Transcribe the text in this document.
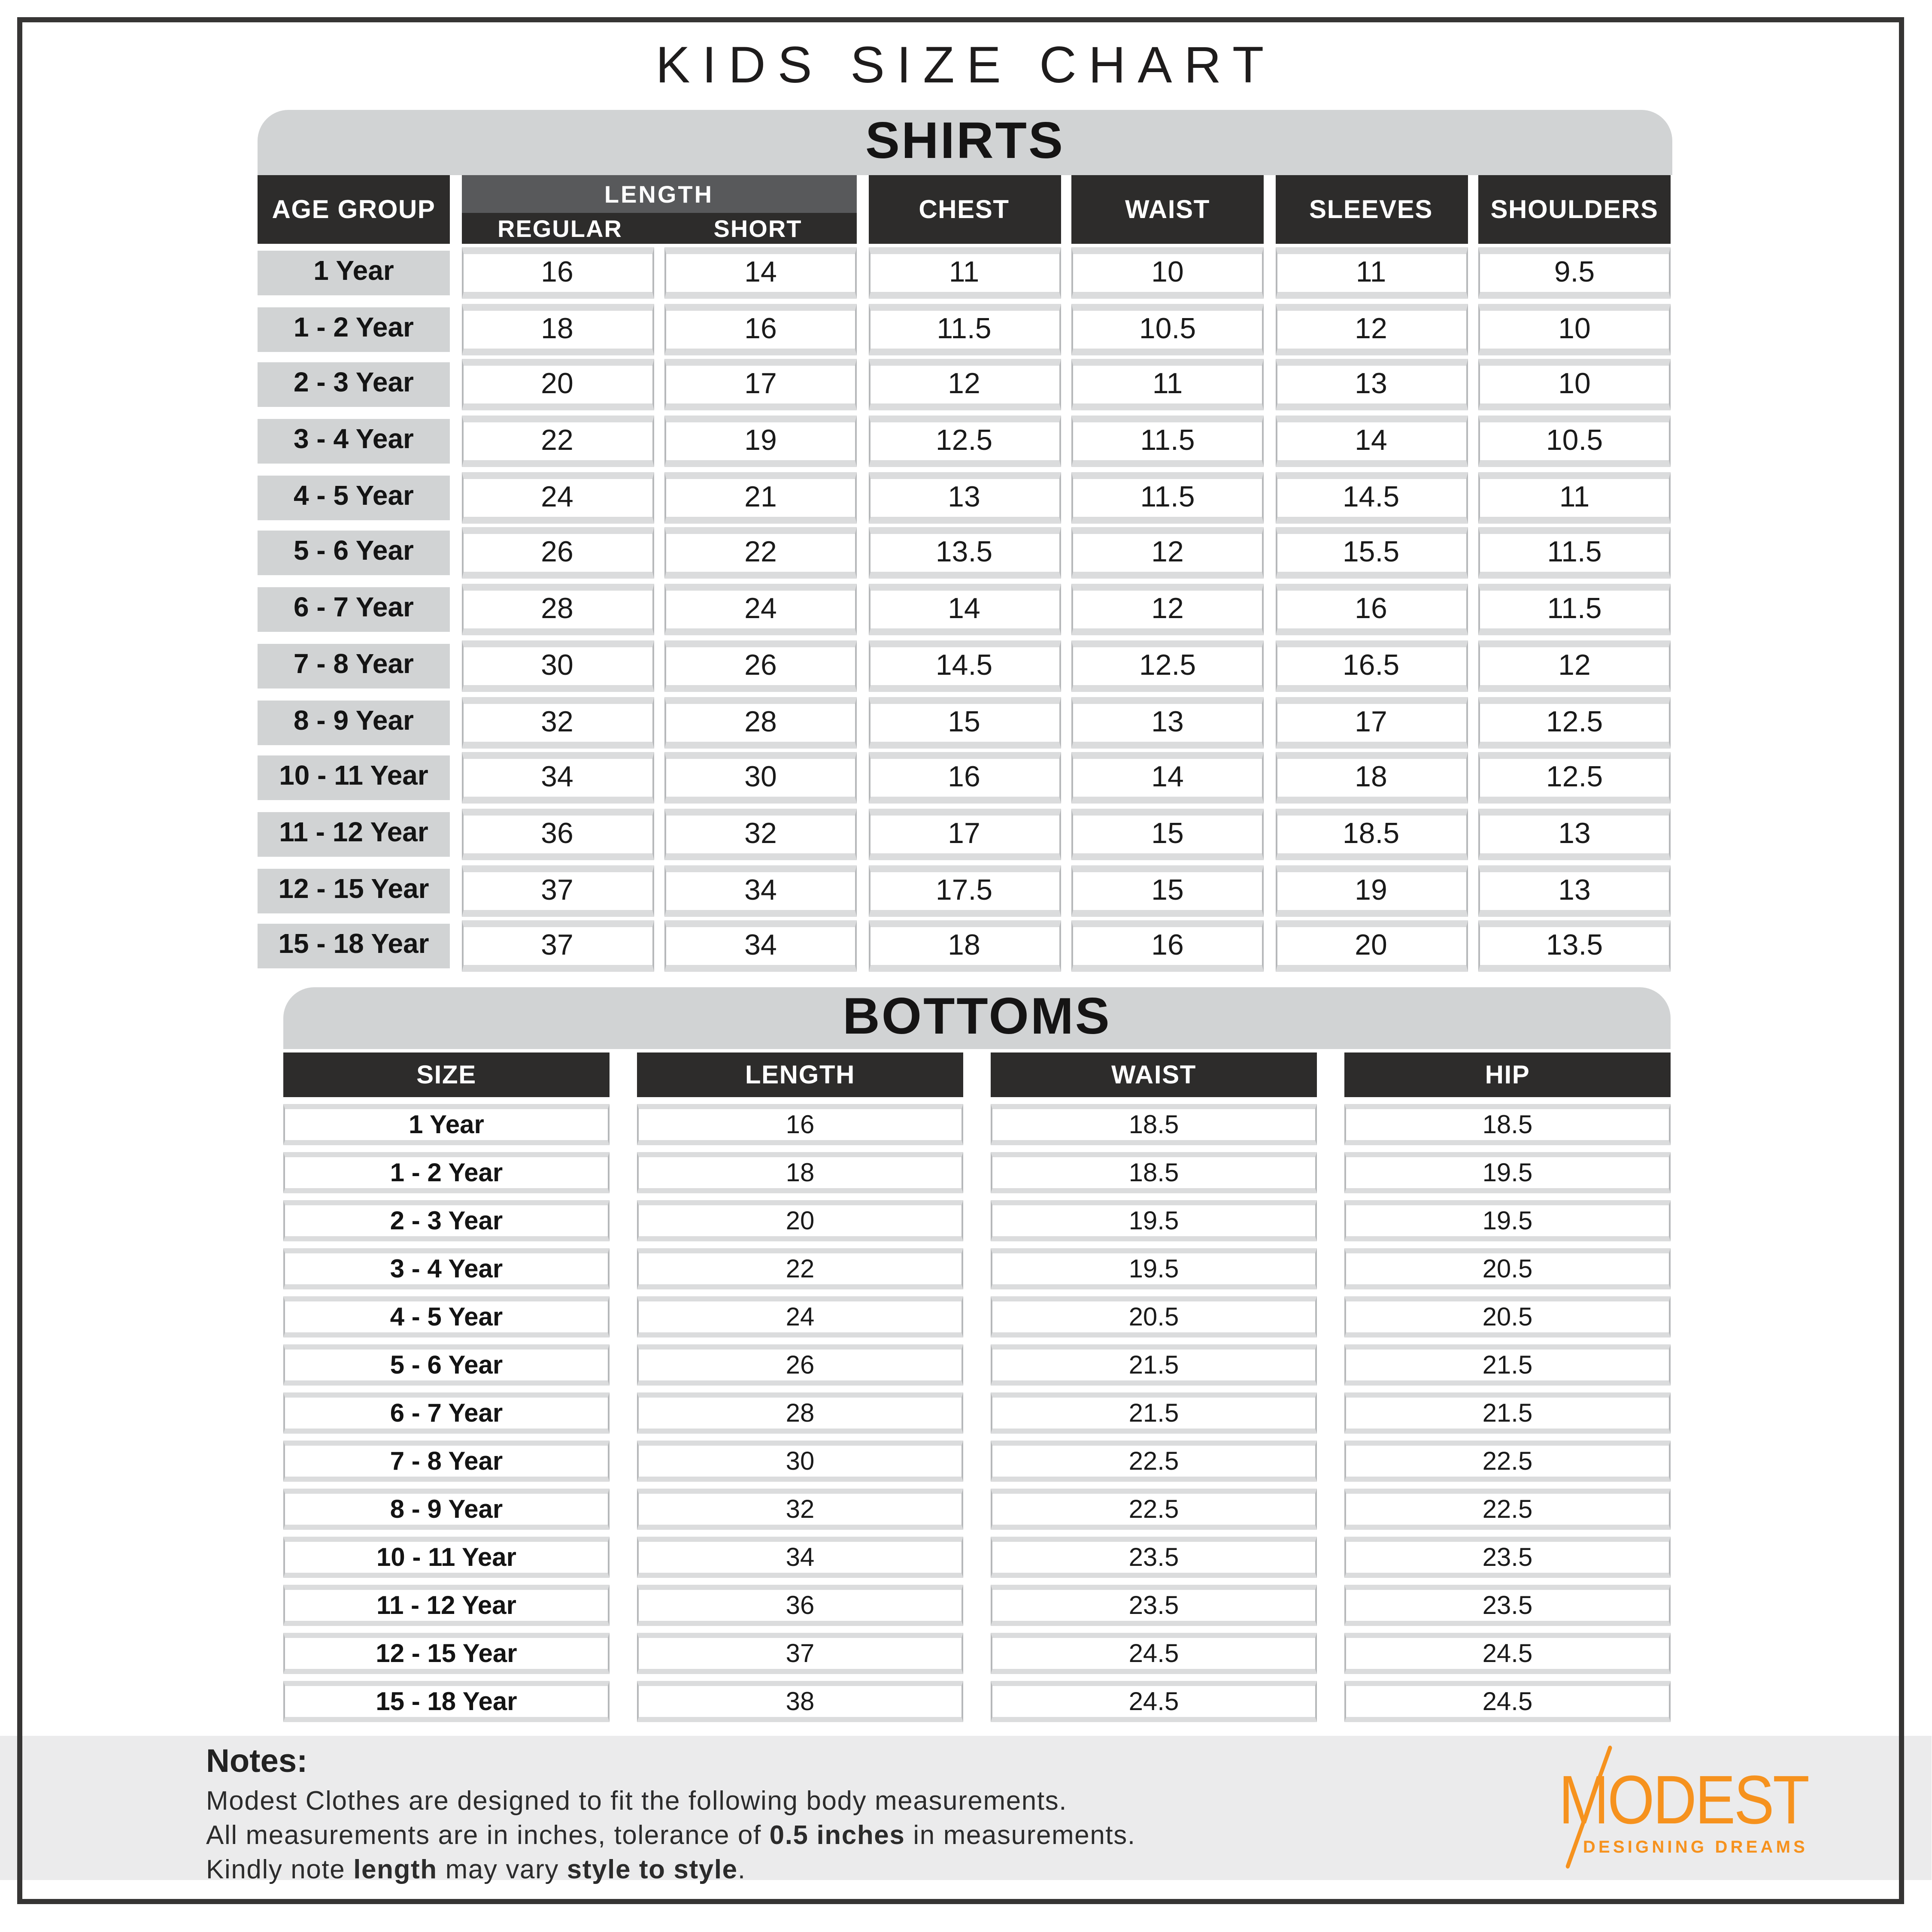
KIDS SIZE CHART
SHIRTS
AGE GROUP
LENGTH
REGULAR	SHORT
CHEST	WAIST	SLEEVES	SHOULDERS
1 Year	16	14	11	10	11	9.5
1 - 2 Year	18	16	11.5	10.5	12	10
2 - 3 Year	20	17	12	11	13	10
3 - 4 Year	22	19	12.5	11.5	14	10.5
4 - 5 Year	24	21	13	11.5	14.5	11
5 - 6 Year	26	22	13.5	12	15.5	11.5
6 - 7 Year	28	24	14	12	16	11.5
7 - 8 Year	30	26	14.5	12.5	16.5	12
8 - 9 Year	32	28	15	13	17	12.5
10 - 11 Year	34	30	16	14	18	12.5
11 - 12 Year	36	32	17	15	18.5	13
12 - 15 Year	37	34	17.5	15	19	13
15 - 18 Year	37	34	18	16	20	13.5
BOTTOMS
SIZE	LENGTH	WAIST	HIP
1 Year	16	18.5	18.5
1 - 2 Year	18	18.5	19.5
2 - 3 Year	20	19.5	19.5
3 - 4 Year	22	19.5	20.5
4 - 5 Year	24	20.5	20.5
5 - 6 Year	26	21.5	21.5
6 - 7 Year	28	21.5	21.5
7 - 8 Year	30	22.5	22.5
8 - 9 Year	32	22.5	22.5
10 - 11 Year	34	23.5	23.5
11 - 12 Year	36	23.5	23.5
12 - 15 Year	37	24.5	24.5
15 - 18 Year	38	24.5	24.5
Notes:
Modest Clothes are designed to fit the following body measurements.
All measurements are in inches, tolerance of 0.5 inches in measurements.
Kindly note length may vary style to style.
MODEST
DESIGNING DREAMS
